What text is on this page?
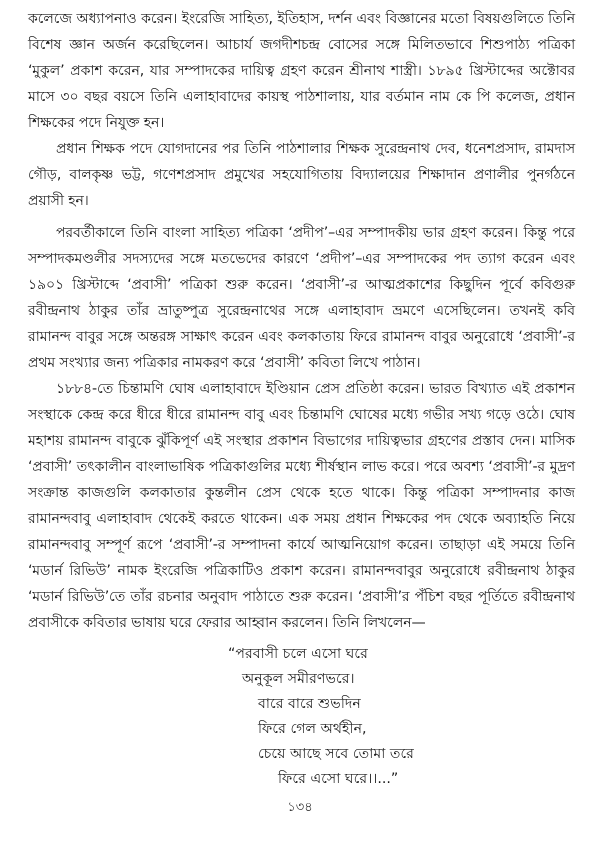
কলেজে অধ্যাপনাও করেন। ইংরেজি সাহিত্য, ইতিহাস, দর্শন এবং বিজ্ঞানের মতো বিষয়গুলিতে তিনি বিশেষ জ্ঞান অর্জন করেছিলেন। আচার্য জগদীশচন্দ্র বোসের সঙ্গে মিলিতভাবে শিশুপাঠ্য পত্রিকা ‘মুকুল’ প্রকাশ করেন, যার সম্পাদকের দায়িত্ব গ্রহণ করেন শ্রীনাথ শাস্ত্রী। ১৮৯৫ খ্রিস্টাব্দের অক্টোবর মাসে ৩০ বছর বয়সে তিনি এলাহাবাদের কায়স্থ পাঠশালায়, যার বর্তমান নাম কে পি কলেজ, প্রধান শিক্ষকের পদে নিযুক্ত হন।

প্রধান শিক্ষক পদে যোগদানের পর তিনি পাঠশালার শিক্ষক সুরেন্দ্রনাথ দেব, ধনেশপ্রসাদ, রামদাস গৌড়, বালকৃষ্ণ ভট্ট, গণেশপ্রসাদ প্রমুখের সহযোগিতায় বিদ্যালয়ের শিক্ষাদান প্রণালীর পুনর্গঠনে প্রয়াসী হন।

পরবর্তীকালে তিনি বাংলা সাহিত্য পত্রিকা ‘প্রদীপ’–এর সম্পাদকীয় ভার গ্রহণ করেন। কিন্তু পরে সম্পাদকমণ্ডলীর সদস্যদের সঙ্গে মতভেদের কারণে ‘প্রদীপ’–এর সম্পাদকের পদ ত্যাগ করেন এবং ১৯০১ খ্রিস্টাব্দে ‘প্রবাসী’ পত্রিকা শুরু করেন। ‘প্রবাসী’-র আত্মপ্রকাশের কিছুদিন পূর্বে কবিগুরু রবীন্দ্রনাথ ঠাকুর তাঁর ভ্রাতুষ্পুত্র সুরেন্দ্রনাথের সঙ্গে এলাহাবাদ ভ্রমণে এসেছিলেন। তখনই কবি রামানন্দ বাবুর সঙ্গে অন্তরঙ্গ সাক্ষাৎ করেন এবং কলকাতায় ফিরে রামানন্দ বাবুর অনুরোধে ‘প্রবাসী’-র প্রথম সংখ্যার জন্য পত্রিকার নামকরণ করে ‘প্রবাসী’ কবিতা লিখে পাঠান।

১৮৮৪-তে চিন্তামণি ঘোষ এলাহাবাদে ইণ্ডিয়ান প্রেস প্রতিষ্ঠা করেন। ভারত বিখ্যাত এই প্রকাশন সংস্থাকে কেন্দ্র করে ধীরে ধীরে রামানন্দ বাবু এবং চিন্তামণি ঘোষের মধ্যে গভীর সখ্য গড়ে ওঠে। ঘোষ মহাশয় রামানন্দ বাবুকে ঝুঁকিপূর্ণ এই সংস্থার প্রকাশন বিভাগের দায়িত্বভার গ্রহণের প্রস্তাব দেন। মাসিক ‘প্রবাসী’ তৎকালীন বাংলাভাষিক পত্রিকাগুলির মধ্যে শীর্ষস্থান লাভ করে। পরে অবশ্য ‘প্রবাসী’-র মুদ্রণ সংক্রান্ত কাজগুলি কলকাতার কুন্তলীন প্রেস থেকে হতে থাকে। কিন্তু পত্রিকা সম্পাদনার কাজ রামানন্দবাবু এলাহাবাদ থেকেই করতে থাকেন। এক সময় প্রধান শিক্ষকের পদ থেকে অব্যাহতি নিয়ে রামানন্দবাবু সম্পূর্ণ রূপে ‘প্রবাসী’-র সম্পাদনা কার্যে আত্মনিয়োগ করেন। তাছাড়া এই সময়ে তিনি ‘মডার্ন রিভিউ’ নামক ইংরেজি পত্রিকাটিও প্রকাশ করেন। রামানন্দবাবুর অনুরোধে রবীন্দ্রনাথ ঠাকুর ‘মডার্ন রিভিউ’তে তাঁর রচনার অনুবাদ পাঠাতে শুরু করেন। ‘প্রবাসী’র পঁচিশ বছর পূর্তিতে রবীন্দ্রনাথ প্রবাসীকে কবিতার ভাষায় ঘরে ফেরার আহ্বান করলেন। তিনি লিখলেন—

“পরবাসী চলে এসো ঘরে
অনুকূল সমীরণভরে।
বারে বারে শুভদিন
ফিরে গেল অর্থহীন,
চেয়ে আছে সবে তোমা তরে
ফিরে এসো ঘরে।।...”
১৩৪
